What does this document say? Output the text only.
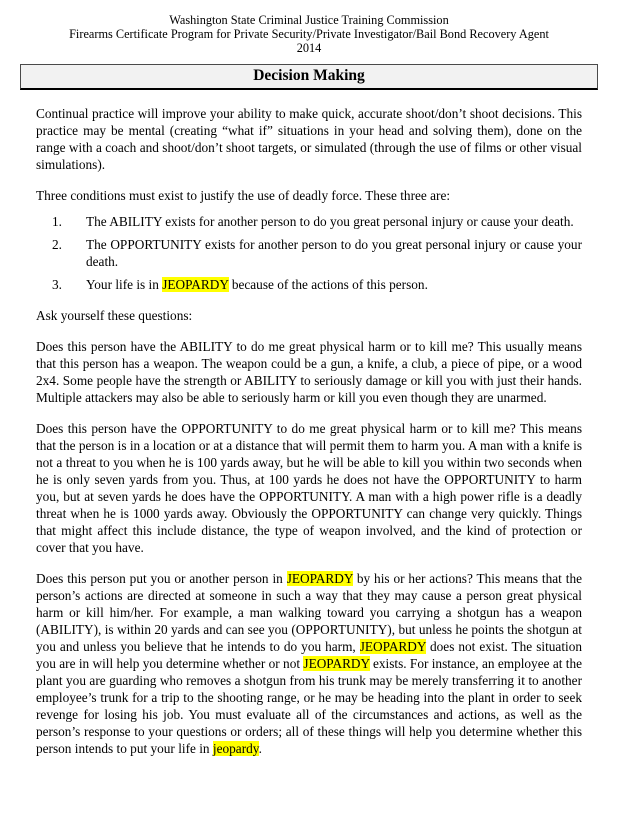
Washington State Criminal Justice Training Commission
Firearms Certificate Program for Private Security/Private Investigator/Bail Bond Recovery Agent
2014
Decision Making

Continual practice will improve your ability to make quick, accurate shoot/don’t shoot decisions. This practice may be mental (creating “what if” situations in your head and solving them), done on the range with a coach and shoot/don’t shoot targets, or simulated (through the use of films or other visual simulations).

Three conditions must exist to justify the use of deadly force. These three are:

1.	The ABILITY exists for another person to do you great personal injury or cause your death.
2.	The OPPORTUNITY exists for another person to do you great personal injury or cause your death.
3.	Your life is in JEOPARDY because of the actions of this person.

Ask yourself these questions:

Does this person have the ABILITY to do me great physical harm or to kill me? This usually means that this person has a weapon. The weapon could be a gun, a knife, a club, a piece of pipe, or a wood 2x4. Some people have the strength or ABILITY to seriously damage or kill you with just their hands. Multiple attackers may also be able to seriously harm or kill you even though they are unarmed.

Does this person have the OPPORTUNITY to do me great physical harm or to kill me? This means that the person is in a location or at a distance that will permit them to harm you. A man with a knife is not a threat to you when he is 100 yards away, but he will be able to kill you within two seconds when he is only seven yards from you. Thus, at 100 yards he does not have the OPPORTUNITY to harm you, but at seven yards he does have the OPPORTUNITY. A man with a high power rifle is a deadly threat when he is 1000 yards away. Obviously the OPPORTUNITY can change very quickly. Things that might affect this include distance, the type of weapon involved, and the kind of protection or cover that you have.

Does this person put you or another person in JEOPARDY by his or her actions? This means that the person’s actions are directed at someone in such a way that they may cause a person great physical harm or kill him/her. For example, a man walking toward you carrying a shotgun has a weapon (ABILITY), is within 20 yards and can see you (OPPORTUNITY), but unless he points the shotgun at you and unless you believe that he intends to do you harm, JEOPARDY does not exist. The situation you are in will help you determine whether or not JEOPARDY exists. For instance, an employee at the plant you are guarding who removes a shotgun from his trunk may be merely transferring it to another employee’s trunk for a trip to the shooting range, or he may be heading into the plant in order to seek revenge for losing his job. You must evaluate all of the circumstances and actions, as well as the person’s response to your questions or orders; all of these things will help you determine whether this person intends to put your life in jeopardy.
